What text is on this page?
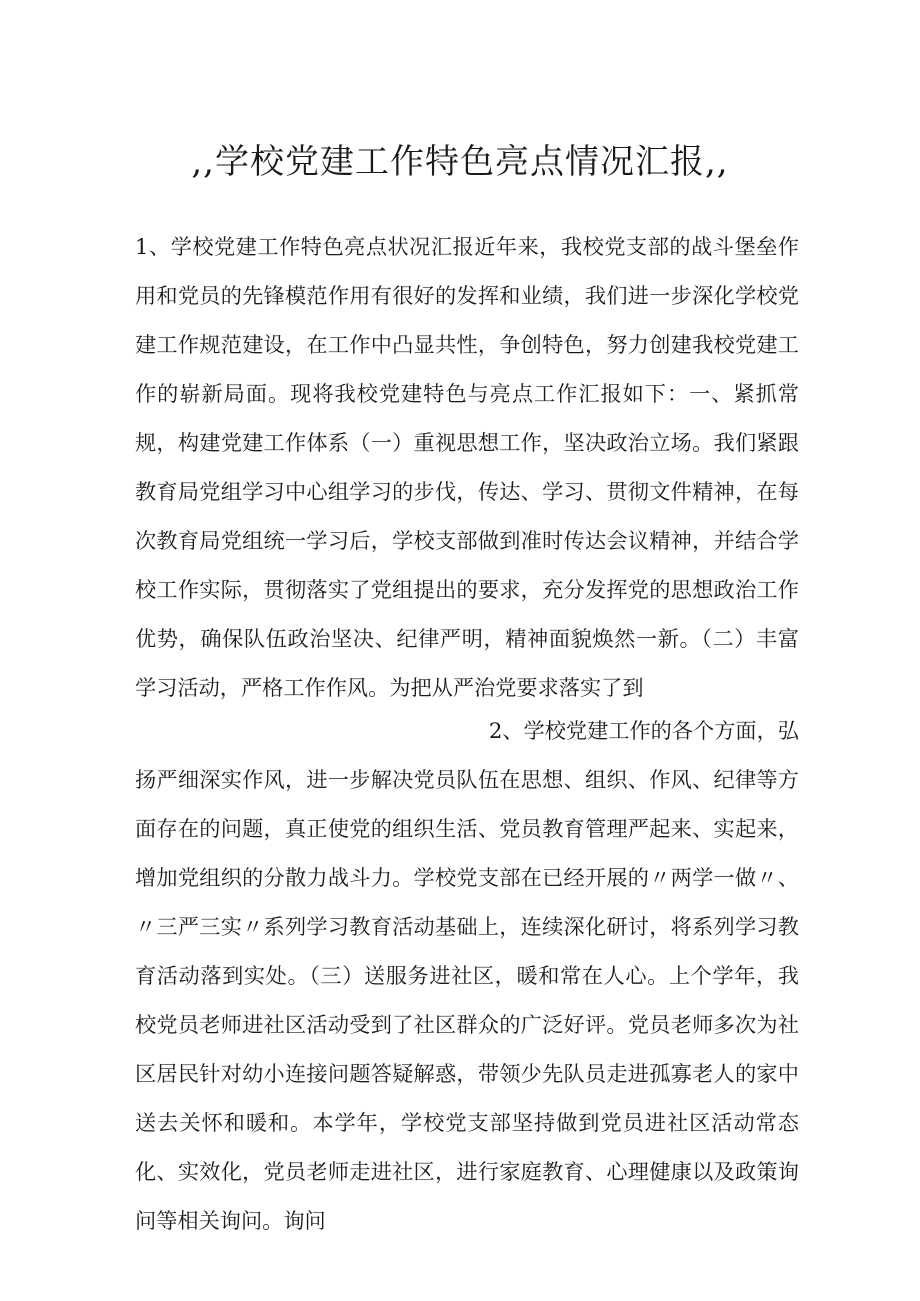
,,学校党建工作特色亮点情况汇报,,

1、学校党建工作特色亮点状况汇报近年来，我校党支部的战斗堡垒作用和党员的先锋模范作用有很好的发挥和业绩，我们进一步深化学校党建工作规范建设，在工作中凸显共性，争创特色，努力创建我校党建工作的崭新局面。现将我校党建特色与亮点工作汇报如下：一、紧抓常规，构建党建工作体系（一）重视思想工作，坚决政治立场。我们紧跟教育局党组学习中心组学习的步伐，传达、学习、贯彻文件精神，在每次教育局党组统一学习后，学校支部做到准时传达会议精神，并结合学校工作实际，贯彻落实了党组提出的要求，充分发挥党的思想政治工作优势，确保队伍政治坚决、纪律严明，精神面貌焕然一新。（二）丰富学习活动，严格工作作风。为把从严治党要求落实了到

2、学校党建工作的各个方面，弘

扬严细深实作风，进一步解决党员队伍在思想、组织、作风、纪律等方面存在的问题，真正使党的组织生活、党员教育管理严起来、实起来，增加党组织的分散力战斗力。学校党支部在已经开展的〃两学一做〃、〃三严三实〃系列学习教育活动基础上，连续深化研讨，将系列学习教育活动落到实处。（三）送服务进社区，暖和常在人心。上个学年，我校党员老师进社区活动受到了社区群众的广泛好评。党员老师多次为社区居民针对幼小连接问题答疑解惑，带领少先队员走进孤寡老人的家中送去关怀和暖和。本学年，学校党支部坚持做到党员进社区活动常态化、实效化，党员老师走进社区，进行家庭教育、心理健康以及政策询问等相关询问。询问
